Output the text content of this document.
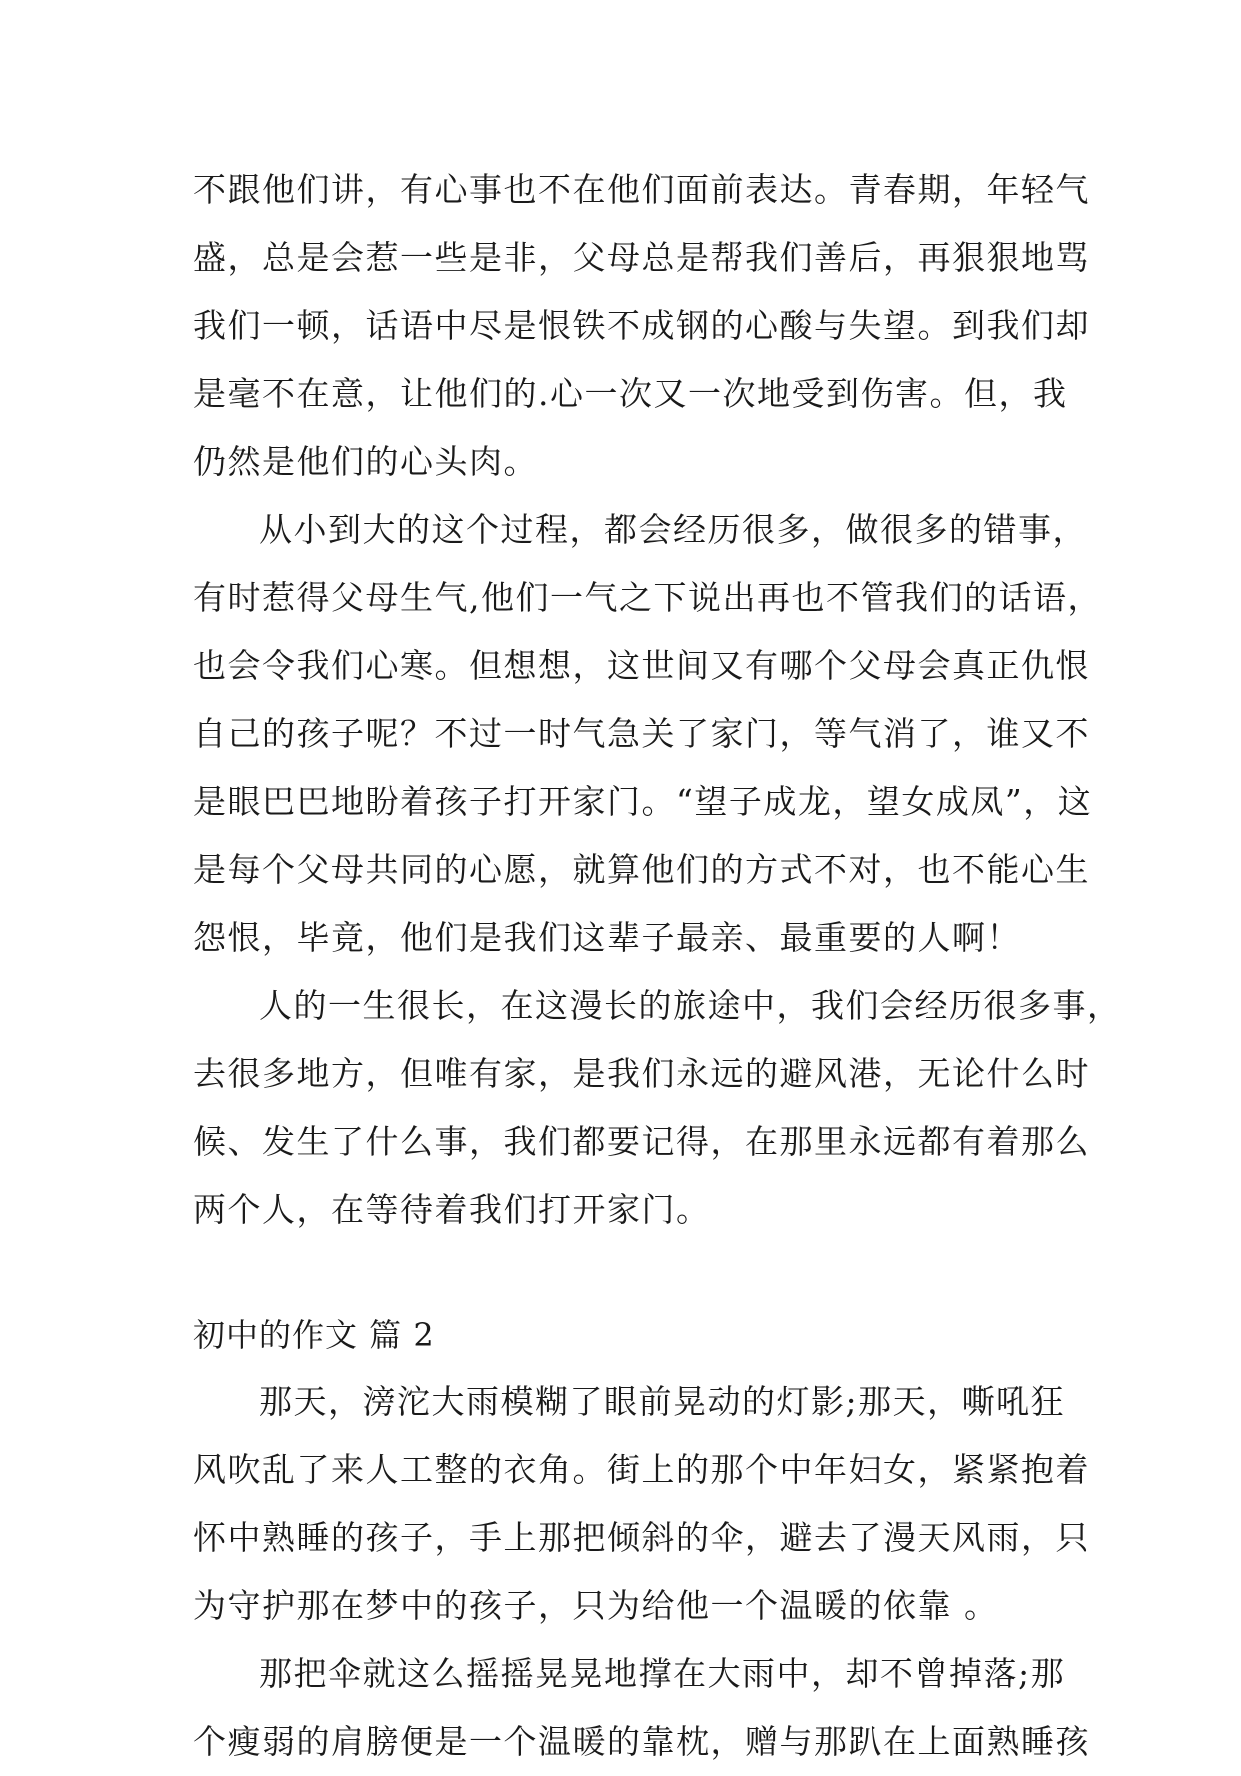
不跟他们讲，有心事也不在他们面前表达。青春期，年轻气
盛，总是会惹一些是非，父母总是帮我们善后，再狠狠地骂
我们一顿，话语中尽是恨铁不成钢的心酸与失望。到我们却
是毫不在意，让他们的.心一次又一次地受到伤害。但，我
仍然是他们的心头肉。
从小到大的这个过程，都会经历很多，做很多的错事，
有时惹得父母生气,他们一气之下说出再也不管我们的话语，
也会令我们心寒。但想想，这世间又有哪个父母会真正仇恨
自己的孩子呢？不过一时气急关了家门，等气消了，谁又不
是眼巴巴地盼着孩子打开家门。“望子成龙，望女成凤”，这
是每个父母共同的心愿，就算他们的方式不对，也不能心生
怨恨，毕竟，他们是我们这辈子最亲、最重要的人啊！
人的一生很长，在这漫长的旅途中，我们会经历很多事，
去很多地方，但唯有家，是我们永远的避风港，无论什么时
候、发生了什么事，我们都要记得，在那里永远都有着那么
两个人，在等待着我们打开家门。
初中的作文 篇 2
那天，滂沱大雨模糊了眼前晃动的灯影;那天，嘶吼狂
风吹乱了来人工整的衣角。街上的那个中年妇女，紧紧抱着
怀中熟睡的孩子，手上那把倾斜的伞，避去了漫天风雨，只
为守护那在梦中的孩子，只为给他一个温暖的依靠 。
那把伞就这么摇摇晃晃地撑在大雨中，却不曾掉落;那
个瘦弱的肩膀便是一个温暖的靠枕，赠与那趴在上面熟睡孩
